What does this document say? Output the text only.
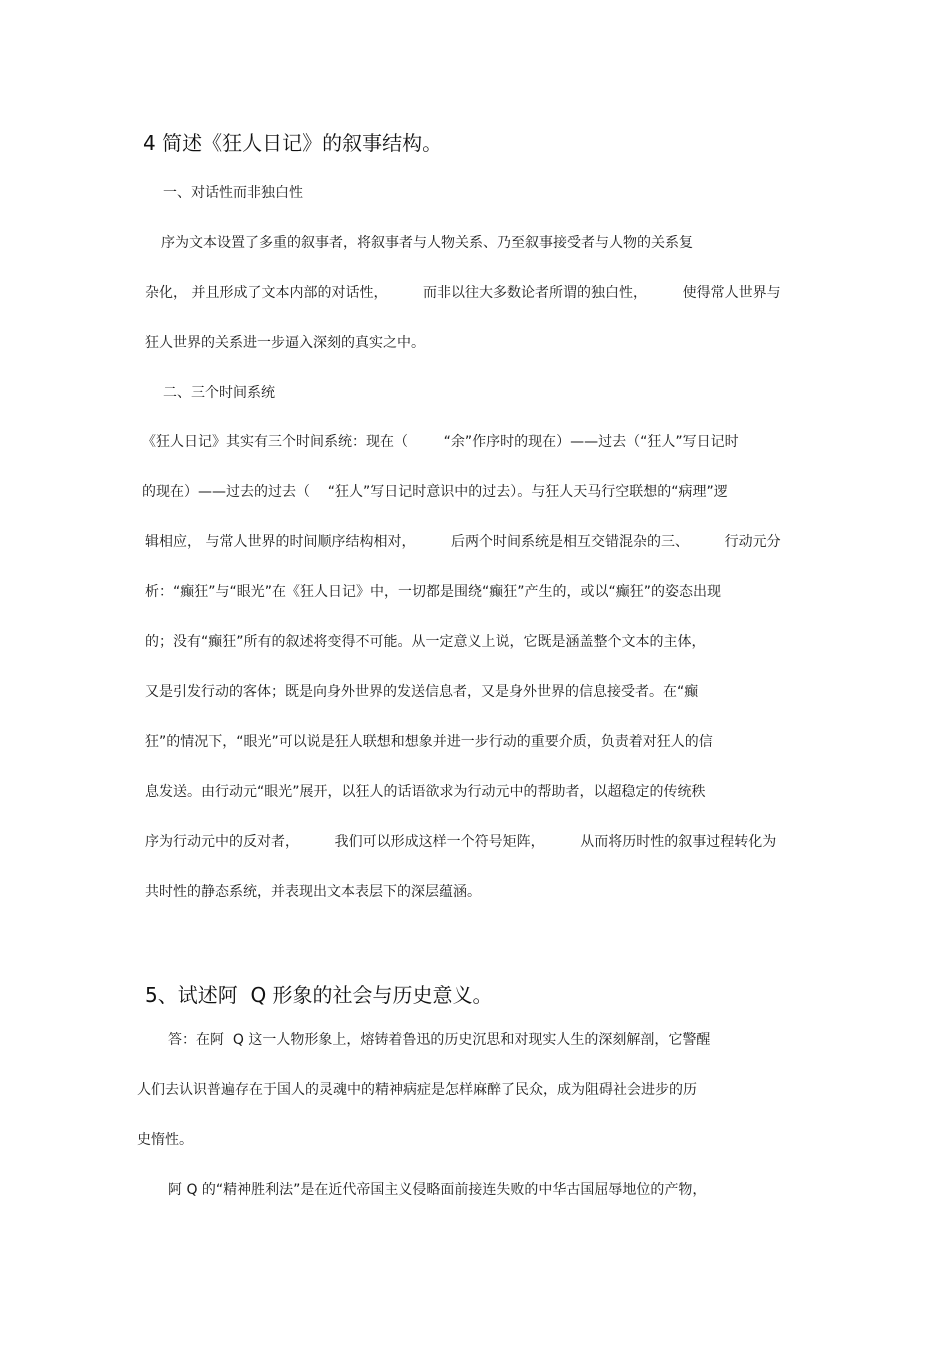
4 简述《狂人日记》的叙事结构。
一、对话性而非独白性
序为文本设置了多重的叙事者，将叙事者与人物关系、乃至叙事接受者与人物的关系复
杂化， 并且形成了文本内部的对话性，        而非以往大多数论者所谓的独白性，        使得常人世界与
狂人世界的关系进一步逼入深刻的真实之中。
二、三个时间系统
《狂人日记》其实有三个时间系统：现在（        “余”作序时的现在）——过去（“狂人”写日记时
的现在）——过去的过去（    “狂人”写日记时意识中的过去）。与狂人天马行空联想的“病理”逻
辑相应， 与常人世界的时间顺序结构相对，        后两个时间系统是相互交错混杂的三、        行动元分
析：“癫狂”与“眼光”在《狂人日记》中，一切都是围绕“癫狂”产生的，或以“癫狂”的姿态出现
的；没有“癫狂”所有的叙述将变得不可能。从一定意义上说，它既是涵盖整个文本的主体，
又是引发行动的客体；既是向身外世界的发送信息者，又是身外世界的信息接受者。在“癫
狂”的情况下，“眼光”可以说是狂人联想和想象并进一步行动的重要介质，负责着对狂人的信
息发送。由行动元“眼光”展开，以狂人的话语欲求为行动元中的帮助者，以超稳定的传统秩
序为行动元中的反对者，        我们可以形成这样一个符号矩阵，        从而将历时性的叙事过程转化为
共时性的静态系统，并表现出文本表层下的深层蕴涵。
5、试述阿  Q 形象的社会与历史意义。
答：在阿  Q 这一人物形象上，熔铸着鲁迅的历史沉思和对现实人生的深刻解剖，它警醒
人们去认识普遍存在于国人的灵魂中的精神病症是怎样麻醉了民众，成为阻碍社会进步的历
史惰性。
阿 Q 的“精神胜利法”是在近代帝国主义侵略面前接连失败的中华古国屈辱地位的产物，
